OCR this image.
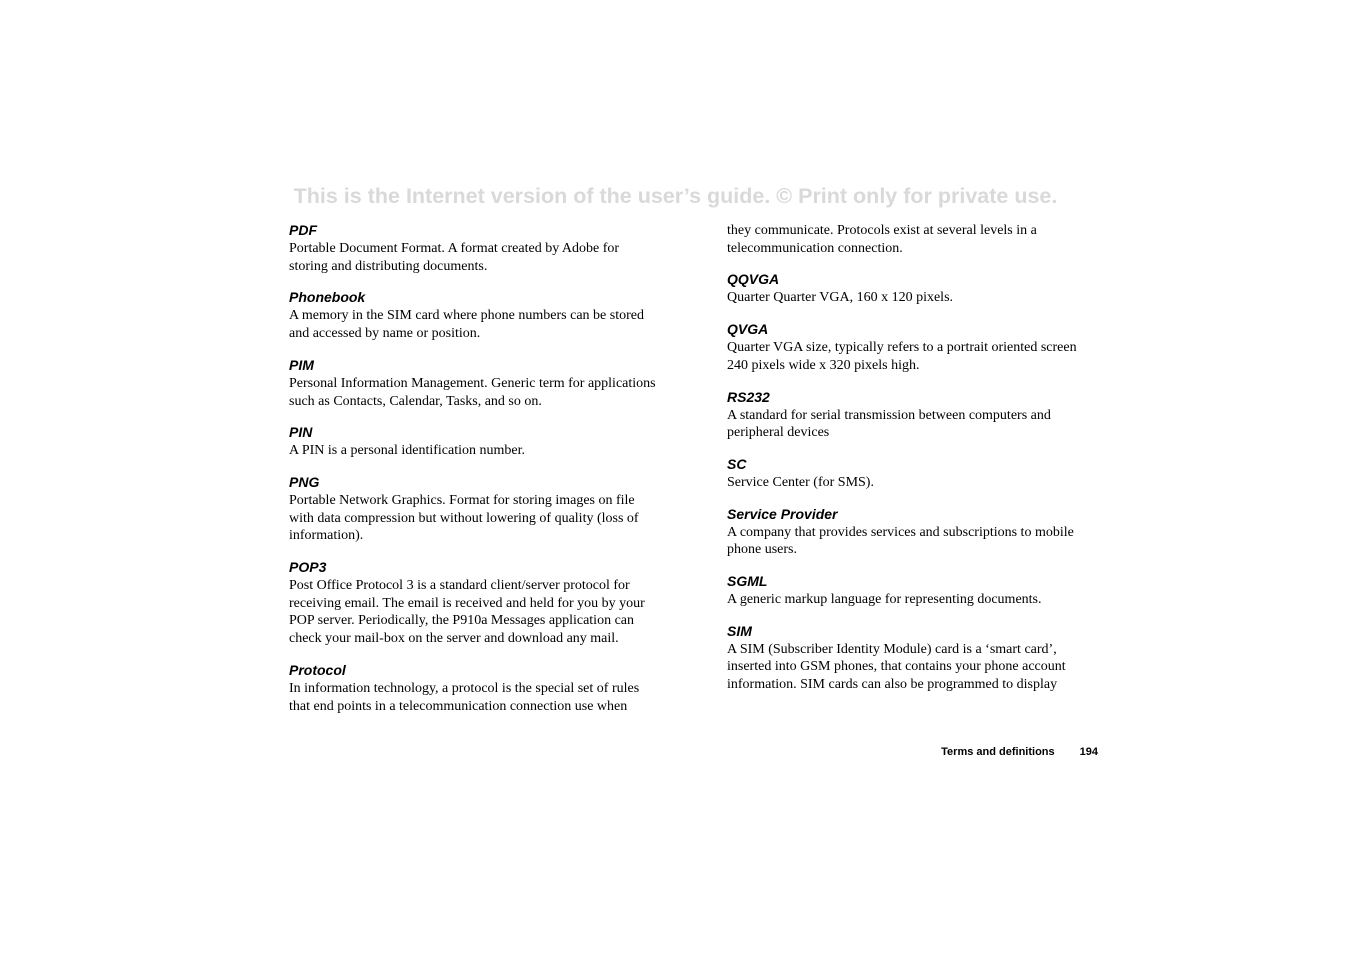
This is the Internet version of the user’s guide. © Print only for private use.
PDF

Portable Document Format. A format created by Adobe for storing and distributing documents.

Phonebook

A memory in the SIM card where phone numbers can be stored and accessed by name or position.

PIM

Personal Information Management. Generic term for applications such as Contacts, Calendar, Tasks, and so on.

PIN

A PIN is a personal identification number.

PNG

Portable Network Graphics. Format for storing images on file with data compression but without lowering of quality (loss of information).

POP3

Post Office Protocol 3 is a standard client/server protocol for receiving email. The email is received and held for you by your POP server. Periodically, the P910a Messages application can check your mail-box on the server and download any mail.

Protocol

In information technology, a protocol is the special set of rules that end points in a telecommunication connection use when

they communicate. Protocols exist at several levels in a telecommunication connection.

QQVGA

Quarter Quarter VGA, 160 x 120 pixels.

QVGA

Quarter VGA size, typically refers to a portrait oriented screen 240 pixels wide x 320 pixels high.

RS232

A standard for serial transmission between computers and peripheral devices

SC

Service Center (for SMS).

Service Provider

A company that provides services and subscriptions to mobile phone users.

SGML

A generic markup language for representing documents.

SIM

A SIM (Subscriber Identity Module) card is a ‘smart card’, inserted into GSM phones, that contains your phone account information. SIM cards can also be programmed to display

Terms and definitions 194
